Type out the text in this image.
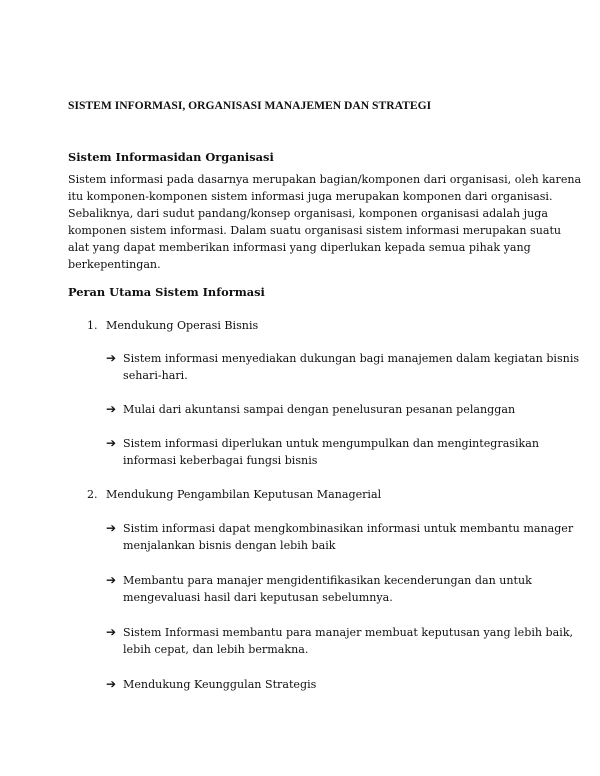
SISTEM INFORMASI, ORGANISASI MANAJEMEN DAN STRATEGI
Sistem Informasidan Organisasi
Sistem informasi pada dasarnya merupakan bagian/komponen dari organisasi, oleh karena
itu komponen-komponen sistem informasi juga merupakan komponen dari organisasi.
Sebaliknya, dari sudut pandang/konsep organisasi, komponen organisasi adalah juga
komponen sistem informasi. Dalam suatu organisasi sistem informasi merupakan suatu
alat yang dapat memberikan informasi yang diperlukan kepada semua pihak yang
berkepentingan.
Peran Utama Sistem Informasi
1. Mendukung Operasi Bisnis
➔ Sistem informasi menyediakan dukungan bagi manajemen dalam kegiatan bisnis
sehari-hari.
➔ Mulai dari akuntansi sampai dengan penelusuran pesanan pelanggan
➔ Sistem informasi diperlukan untuk mengumpulkan dan mengintegrasikan
informasi keberbagai fungsi bisnis
2. Mendukung Pengambilan Keputusan Managerial
➔ Sistim informasi dapat mengkombinasikan informasi untuk membantu manager
menjalankan bisnis dengan lebih baik
➔ Membantu para manajer mengidentifikasikan kecenderungan dan untuk
mengevaluasi hasil dari keputusan sebelumnya.
➔ Sistem Informasi membantu para manajer membuat keputusan yang lebih baik,
lebih cepat, dan lebih bermakna.
➔ Mendukung Keunggulan Strategis
